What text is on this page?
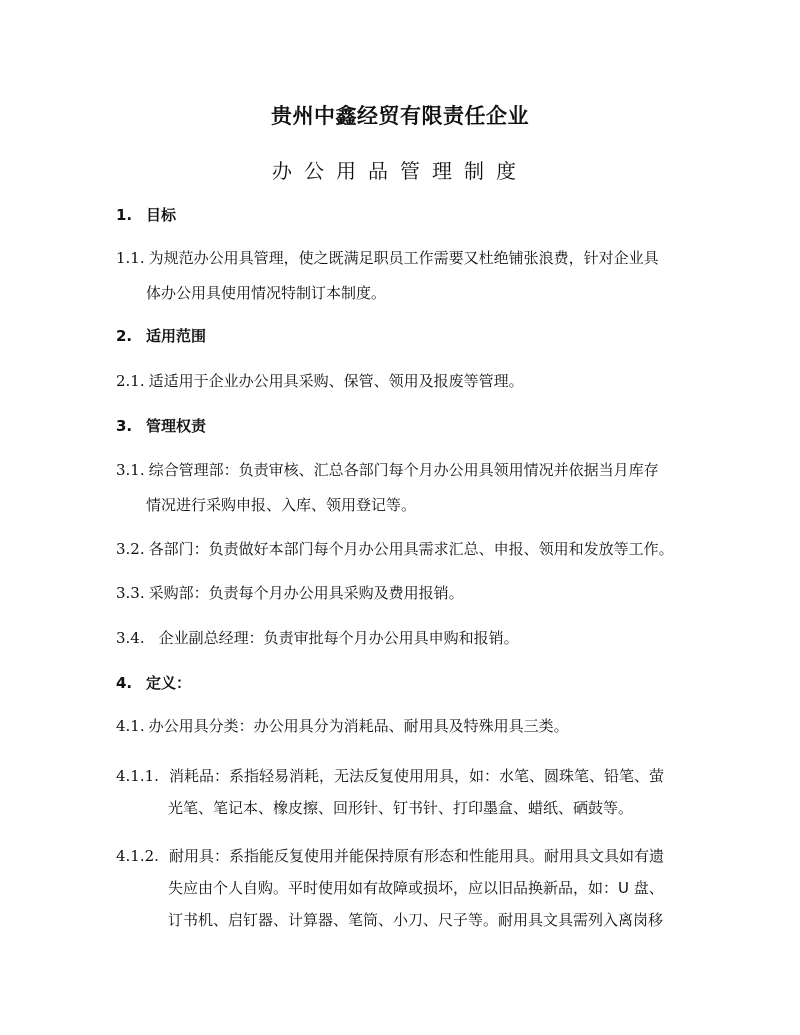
贵州中鑫经贸有限责任企业
办公用品管理制度
1. 目标
1.1. 为规范办公用具管理，使之既满足职员工作需要又杜绝铺张浪费，针对企业具
体办公用具使用情况特制订本制度。
2. 适用范围
2.1. 适适用于企业办公用具采购、保管、领用及报废等管理。
3. 管理权责
3.1. 综合管理部：负责审核、汇总各部门每个月办公用具领用情况并依据当月库存
情况进行采购申报、入库、领用登记等。
3.2. 各部门：负责做好本部门每个月办公用具需求汇总、申报、领用和发放等工作。
3.3. 采购部：负责每个月办公用具采购及费用报销。
3.4. 企业副总经理：负责审批每个月办公用具申购和报销。
4. 定义：
4.1. 办公用具分类：办公用具分为消耗品、耐用具及特殊用具三类。
4.1.1. 消耗品：系指轻易消耗，无法反复使用用具，如：水笔、圆珠笔、铅笔、萤
光笔、笔记本、橡皮擦、回形针、钉书针、打印墨盒、蜡纸、硒鼓等。
4.1.2. 耐用具：系指能反复使用并能保持原有形态和性能用具。耐用具文具如有遗
失应由个人自购。平时使用如有故障或损坏，应以旧品换新品，如：U 盘、
订书机、启钉器、计算器、笔筒、小刀、尺子等。耐用具文具需列入离岗移
